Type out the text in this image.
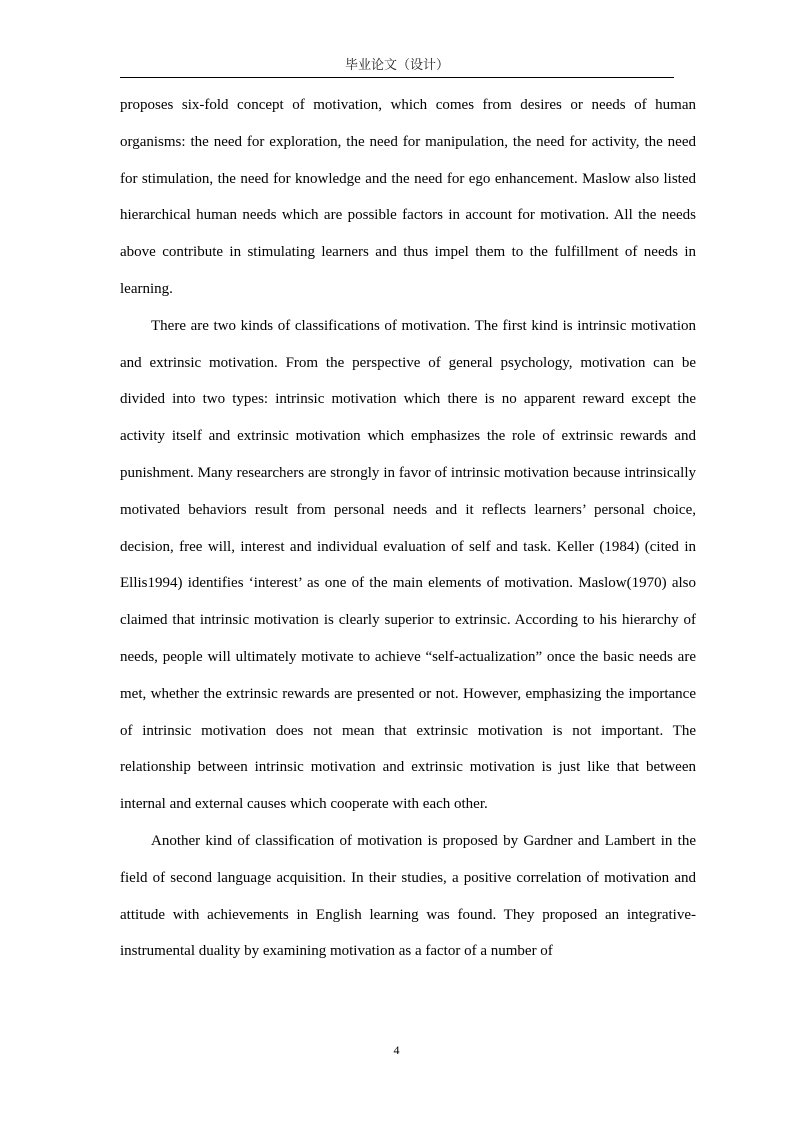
毕业论文（设计）

proposes six-fold concept of motivation, which comes from desires or needs of human organisms: the need for exploration, the need for manipulation, the need for activity, the need for stimulation, the need for knowledge and the need for ego enhancement. Maslow also listed hierarchical human needs which are possible factors in account for motivation. All the needs above contribute in stimulating learners and thus impel them to the fulfillment of needs in learning.

There are two kinds of classifications of motivation. The first kind is intrinsic motivation and extrinsic motivation. From the perspective of general psychology, motivation can be divided into two types: intrinsic motivation which there is no apparent reward except the activity itself and extrinsic motivation which emphasizes the role of extrinsic rewards and punishment. Many researchers are strongly in favor of intrinsic motivation because intrinsically motivated behaviors result from personal needs and it reflects learners’ personal choice, decision, free will, interest and individual evaluation of self and task. Keller (1984) (cited in Ellis1994) identifies ‘interest’ as one of the main elements of motivation. Maslow(1970) also claimed that intrinsic motivation is clearly superior to extrinsic. According to his hierarchy of needs, people will ultimately motivate to achieve “self-actualization” once the basic needs are met, whether the extrinsic rewards are presented or not. However, emphasizing the importance of intrinsic motivation does not mean that extrinsic motivation is not important. The relationship between intrinsic motivation and extrinsic motivation is just like that between internal and external causes which cooperate with each other.

Another kind of classification of motivation is proposed by Gardner and Lambert in the field of second language acquisition. In their studies, a positive correlation of motivation and attitude with achievements in English learning was found. They proposed an integrative-instrumental duality by examining motivation as a factor of a number of

4
